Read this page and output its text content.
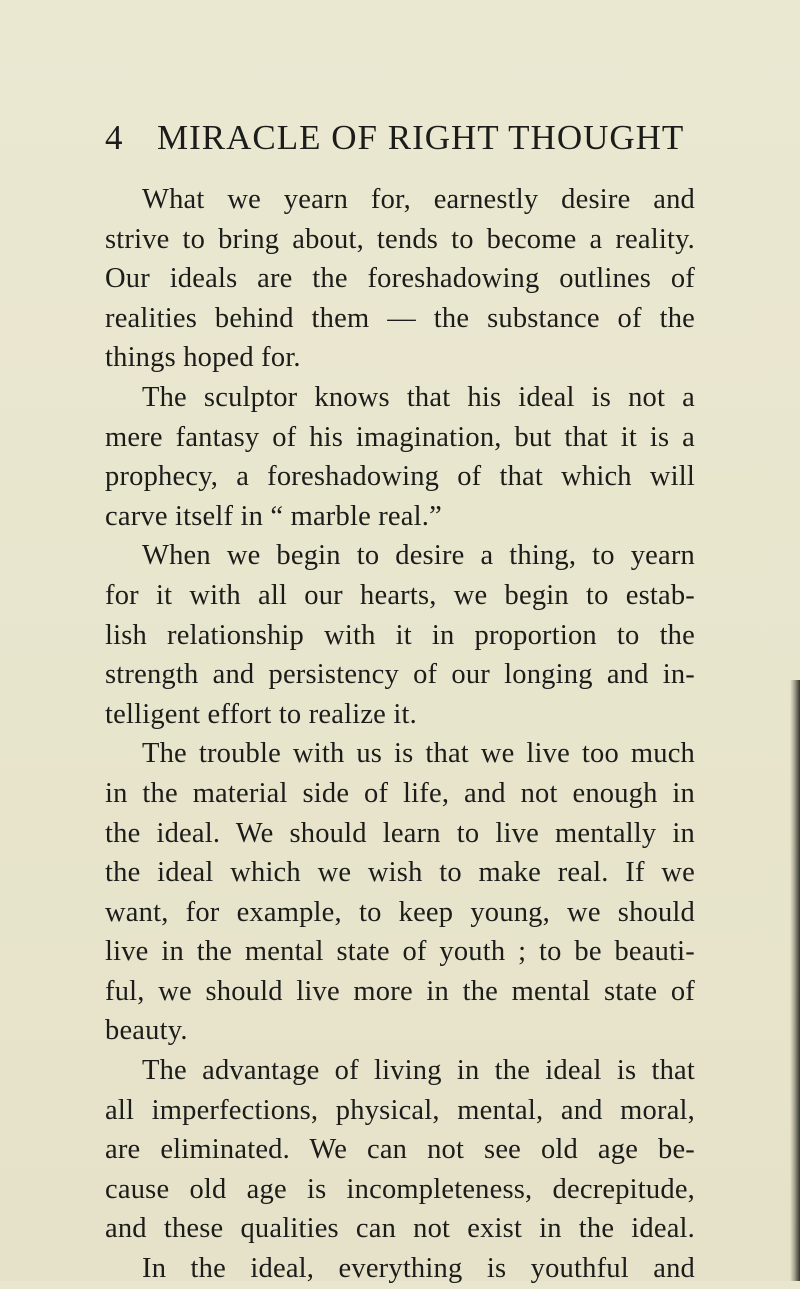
4 MIRACLE OF RIGHT THOUGHT
What we yearn for, earnestly desire and
strive to bring about, tends to become a reality.
Our ideals are the foreshadowing outlines of
realities behind them — the substance of the
things hoped for.
The sculptor knows that his ideal is not a
mere fantasy of his imagination, but that it is a
prophecy, a foreshadowing of that which will
carve itself in “ marble real.”
When we begin to desire a thing, to yearn
for it with all our hearts, we begin to estab-
lish relationship with it in proportion to the
strength and persistency of our longing and in-
telligent effort to realize it.
The trouble with us is that we live too much
in the material side of life, and not enough in
the ideal. We should learn to live mentally in
the ideal which we wish to make real. If we
want, for example, to keep young, we should
live in the mental state of youth ; to be beauti-
ful, we should live more in the mental state of
beauty.
The advantage of living in the ideal is that
all imperfections, physical, mental, and moral,
are eliminated. We can not see old age be-
cause old age is incompleteness, decrepitude,
and these qualities can not exist in the ideal.
In the ideal, everything is youthful and
